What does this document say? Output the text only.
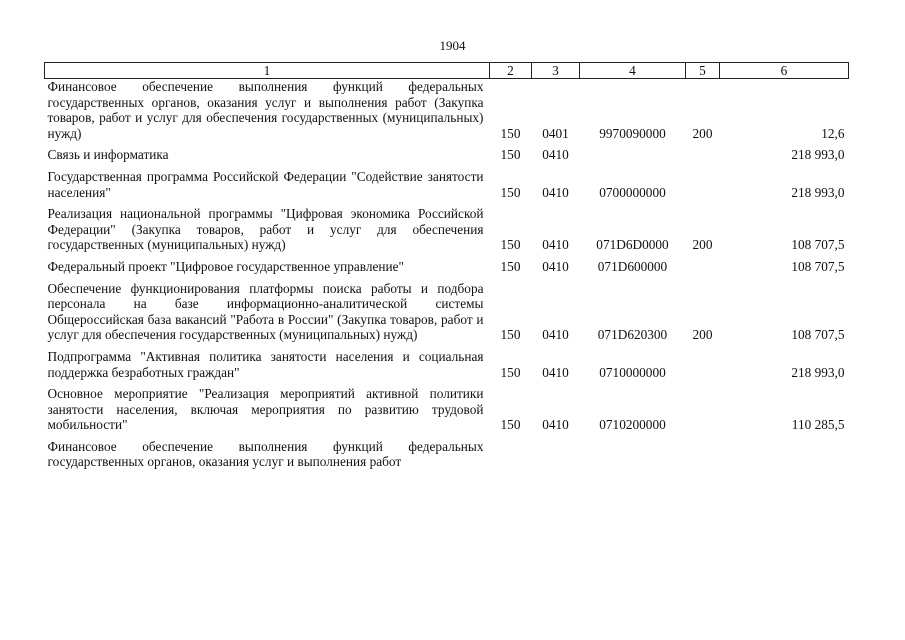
1904
1	2	3	4	5	6
Финансовое обеспечение выполнения функций федеральных государственных органов, оказания услуг и выполнения работ (Закупка товаров, работ и услуг для обеспечения государственных (муниципальных) нужд)	150	0401	9970090000	200	12,6
Связь и информатика	150	0410			218 993,0
Государственная программа Российской Федерации "Содействие занятости населения"	150	0410	0700000000		218 993,0
Реализация национальной программы "Цифровая экономика Российской Федерации" (Закупка товаров, работ и услуг для обеспечения государственных (муниципальных) нужд)	150	0410	071D6D0000	200	108 707,5
Федеральный проект "Цифровое государственное управление"	150	0410	071D600000		108 707,5
Обеспечение функционирования платформы поиска работы и подбора персонала на базе информационно-аналитической системы Общероссийская база вакансий "Работа в России" (Закупка товаров, работ и услуг для обеспечения государственных (муниципальных) нужд)	150	0410	071D620300	200	108 707,5
Подпрограмма "Активная политика занятости населения и социальная поддержка безработных граждан"	150	0410	0710000000		218 993,0
Основное мероприятие "Реализация мероприятий активной политики занятости населения, включая мероприятия по развитию трудовой мобильности"	150	0410	0710200000		110 285,5
Финансовое обеспечение выполнения функций федеральных государственных органов, оказания услуг и выполнения работ					
